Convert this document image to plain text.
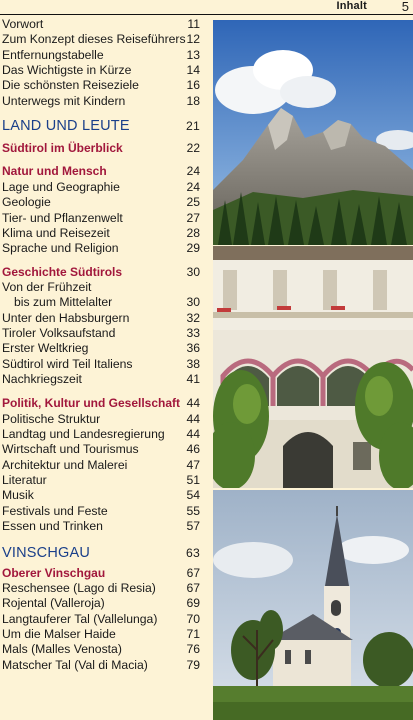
Inhalt	5
Vorwort	11
Zum Konzept dieses Reiseführers 12
Entfernungstabelle	13
Das Wichtigste in Kürze	14
Die schönsten Reiseziele	16
Unterwegs mit Kindern	18
LAND UND LEUTE	21
Südtirol im Überblick	22
Natur und Mensch	24
Lage und Geographie	24
Geologie	25
Tier- und Pflanzenwelt	27
Klima und Reisezeit	28
Sprache und Religion	29
Geschichte Südtirols	30
Von der Frühzeit
bis zum Mittelalter	30
Unter den Habsburgern	32
Tiroler Volksaufstand	33
Erster Weltkrieg	36
Südtirol wird Teil Italiens	38
Nachkriegszeit	41
Politik, Kultur und Gesellschaft 44
Politische Struktur	44
Landtag und Landesregierung 44
Wirtschaft und Tourismus	46
Architektur und Malerei	47
Literatur	51
Musik	54
Festivals und Feste	55
Essen und Trinken	57
VINSCHGAU	63
Oberer Vinschgau	67
Reschensee (Lago di Resia)	67
Rojental (Valleroja)	69
Langtauferer Tal (Vallelunga) 70
Um die Malser Haide	71
Mals (Malles Venosta)	76
Matscher Tal (Val di Macia)	79
